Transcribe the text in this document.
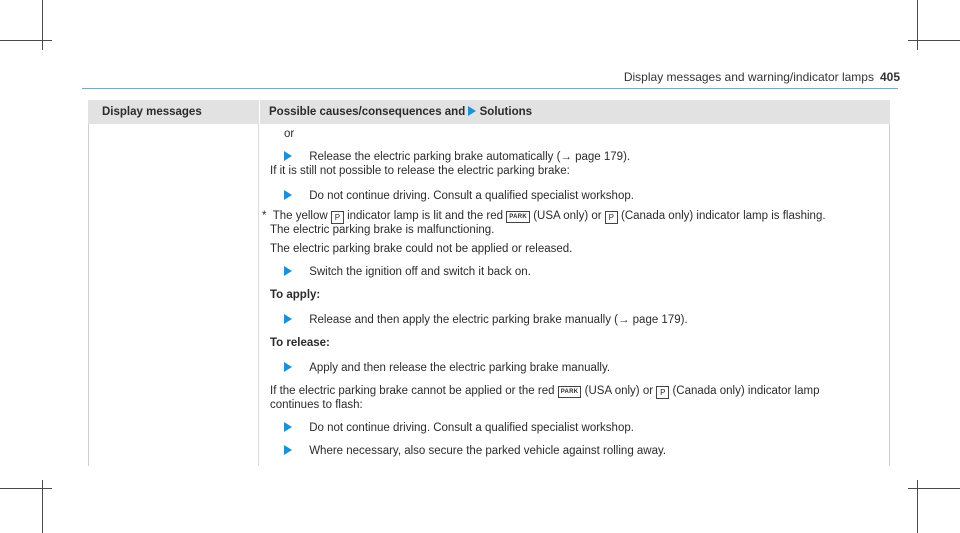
Display messages and warning/indicator lamps 405
Display messages	Possible causes/consequences and Solutions
or
Release the electric parking brake automatically (→ page 179).
If it is still not possible to release the electric parking brake:
Do not continue driving. Consult a qualified specialist workshop.
* The yellow P indicator lamp is lit and the red PARK (USA only) or P (Canada only) indicator lamp is flashing.
The electric parking brake is malfunctioning.
The electric parking brake could not be applied or released.
Switch the ignition off and switch it back on.
To apply:
Release and then apply the electric parking brake manually (→ page 179).
To release:
Apply and then release the electric parking brake manually.
If the electric parking brake cannot be applied or the red PARK (USA only) or P (Canada only) indicator lamp
continues to flash:
Do not continue driving. Consult a qualified specialist workshop.
Where necessary, also secure the parked vehicle against rolling away.
